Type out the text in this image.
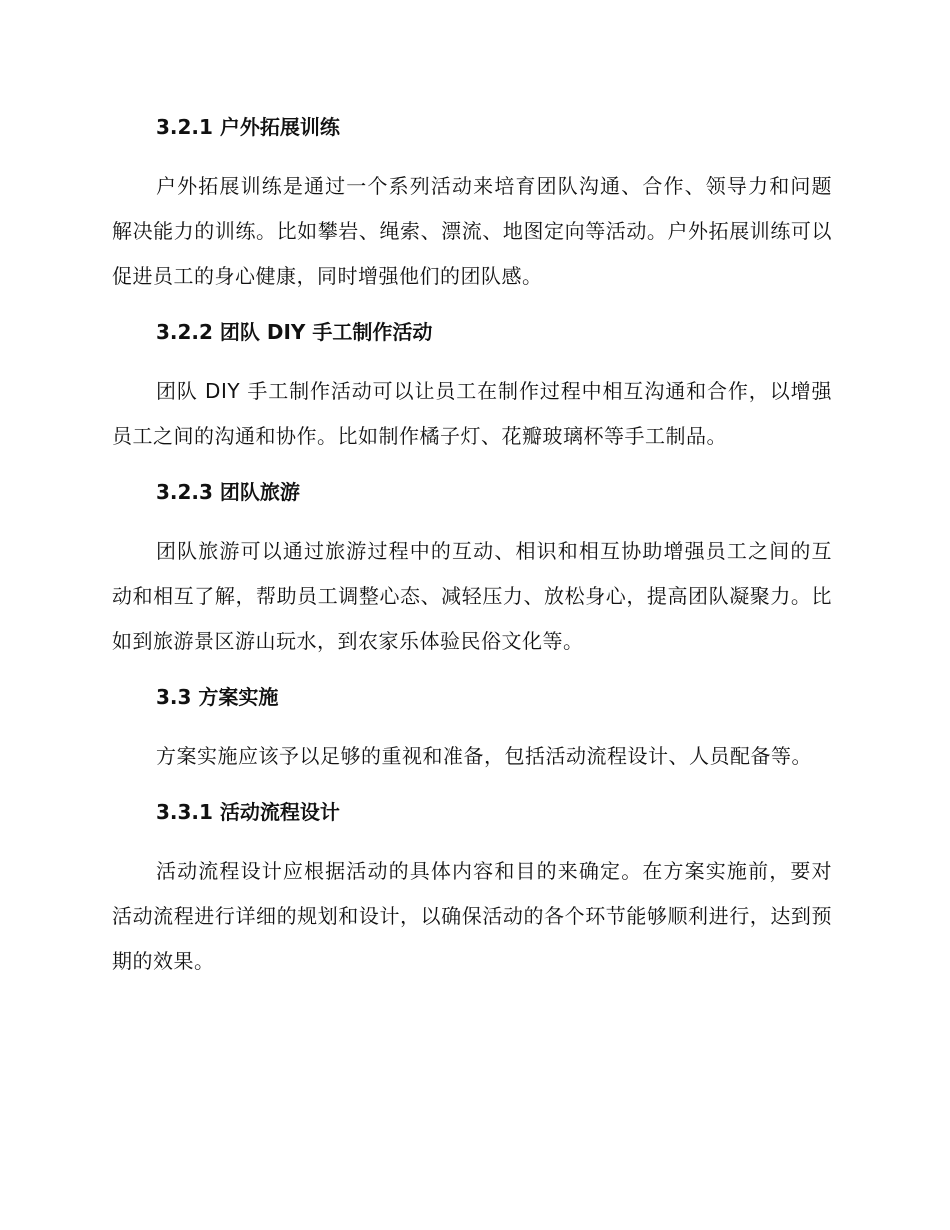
3.2.1 户外拓展训练

户外拓展训练是通过一个系列活动来培育团队沟通、合作、领导力和问题解决能力的训练。比如攀岩、绳索、漂流、地图定向等活动。户外拓展训练可以促进员工的身心健康，同时增强他们的团队感。

3.2.2 团队 DIY 手工制作活动

团队 DIY 手工制作活动可以让员工在制作过程中相互沟通和合作，以增强员工之间的沟通和协作。比如制作橘子灯、花瓣玻璃杯等手工制品。

3.2.3 团队旅游

团队旅游可以通过旅游过程中的互动、相识和相互协助增强员工之间的互动和相互了解，帮助员工调整心态、减轻压力、放松身心，提高团队凝聚力。比如到旅游景区游山玩水，到农家乐体验民俗文化等。

3.3 方案实施

方案实施应该予以足够的重视和准备，包括活动流程设计、人员配备等。

3.3.1 活动流程设计

活动流程设计应根据活动的具体内容和目的来确定。在方案实施前，要对活动流程进行详细的规划和设计，以确保活动的各个环节能够顺利进行，达到预期的效果。
